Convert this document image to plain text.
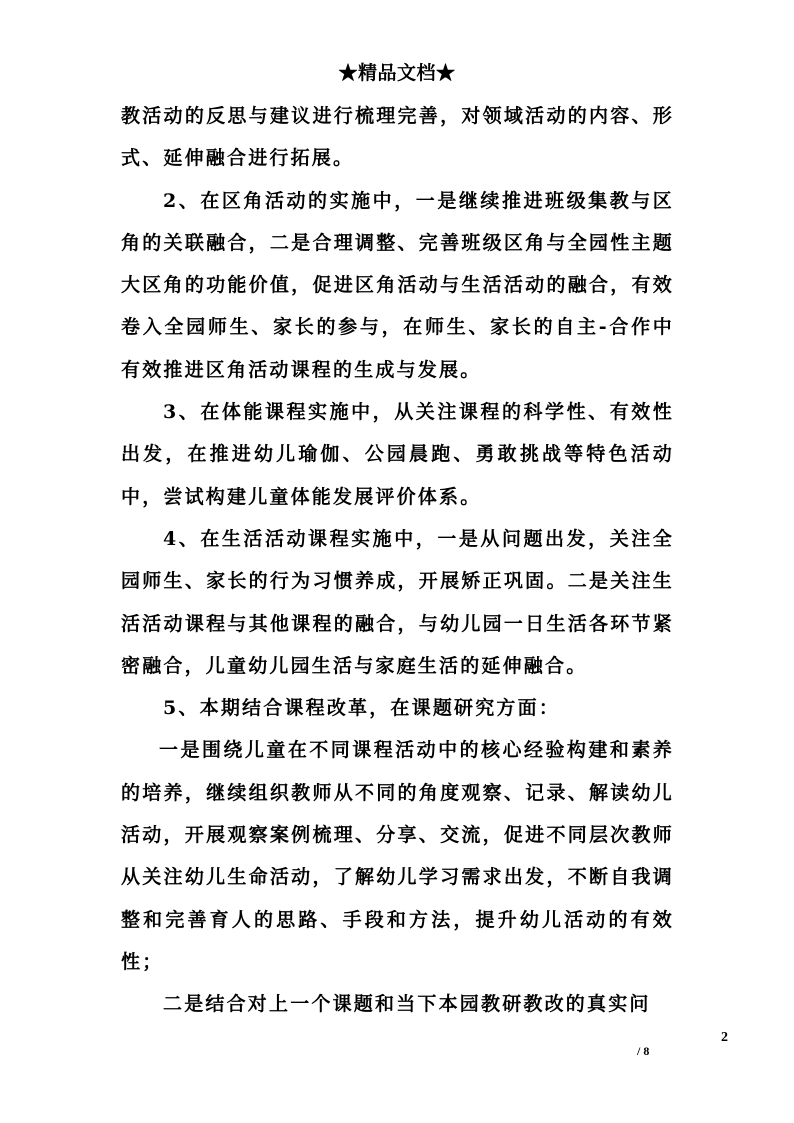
★精品文档★

教活动的反思与建议进行梳理完善，对领域活动的内容、形式、延伸融合进行拓展。

2、在区角活动的实施中，一是继续推进班级集教与区角的关联融合，二是合理调整、完善班级区角与全园性主题大区角的功能价值，促进区角活动与生活活动的融合，有效卷入全园师生、家长的参与，在师生、家长的自主-合作中有效推进区角活动课程的生成与发展。

3、在体能课程实施中，从关注课程的科学性、有效性出发，在推进幼儿瑜伽、公园晨跑、勇敢挑战等特色活动中，尝试构建儿童体能发展评价体系。

4、在生活活动课程实施中，一是从问题出发，关注全园师生、家长的行为习惯养成，开展矫正巩固。二是关注生活活动课程与其他课程的融合，与幼儿园一日生活各环节紧密融合，儿童幼儿园生活与家庭生活的延伸融合。

5、本期结合课程改革，在课题研究方面：

一是围绕儿童在不同课程活动中的核心经验构建和素养的培养，继续组织教师从不同的角度观察、记录、解读幼儿活动，开展观察案例梳理、分享、交流，促进不同层次教师从关注幼儿生命活动，了解幼儿学习需求出发，不断自我调整和完善育人的思路、手段和方法，提升幼儿活动的有效性；

二是结合对上一个课题和当下本园教研教改的真实问

2
/ 8
